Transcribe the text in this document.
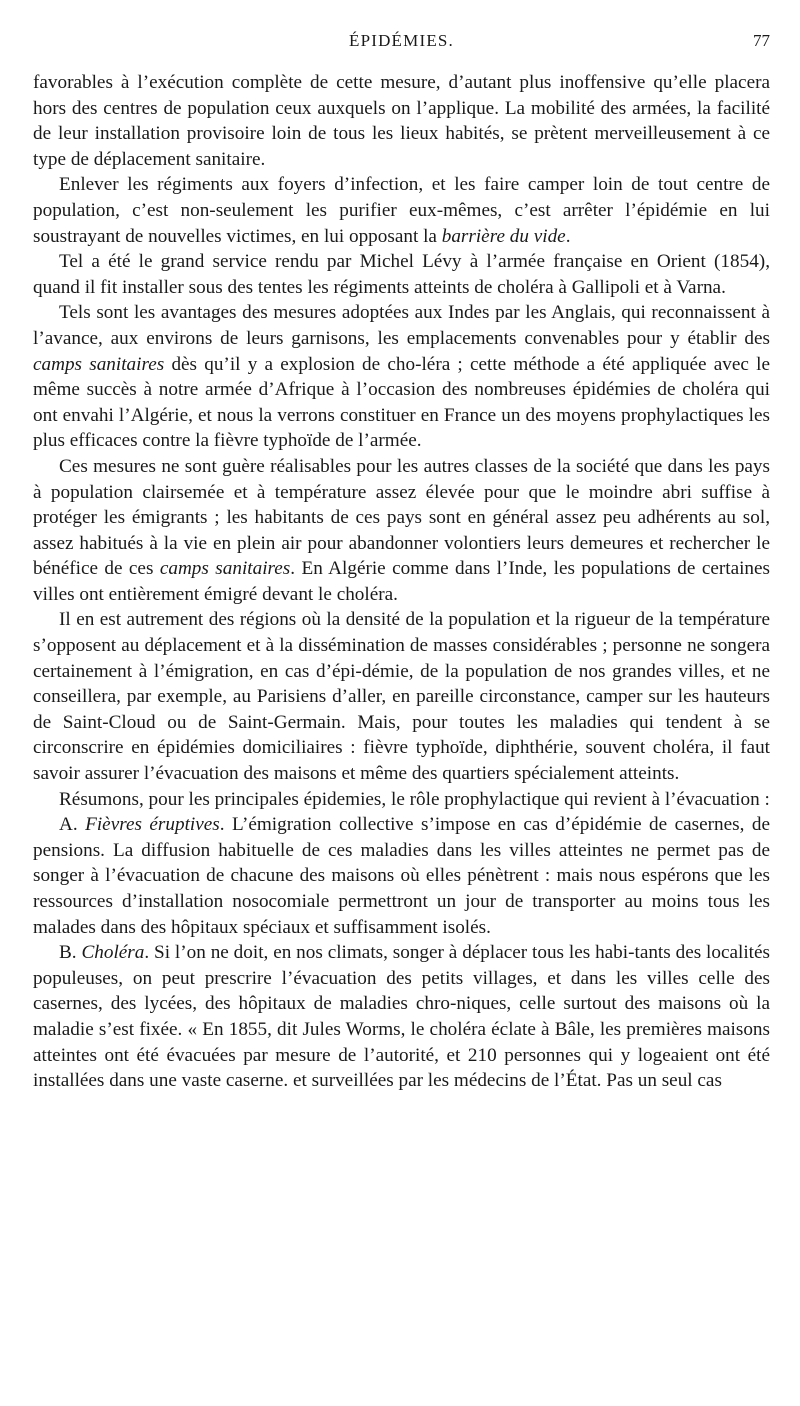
ÉPIDÉMIES.	77

favorables à l’exécution complète de cette mesure, d’autant plus inoffensive qu’elle placera hors des centres de population ceux auxquels on l’applique. La mobilité des armées, la facilité de leur installation provisoire loin de tous les lieux habités, se prètent merveilleusement à ce type de déplacement sanitaire.

Enlever les régiments aux foyers d’infection, et les faire camper loin de tout centre de population, c’est non-seulement les purifier eux-mêmes, c’est arrêter l’épidémie en lui soustrayant de nouvelles victimes, en lui opposant la barrière du vide.

Tel a été le grand service rendu par Michel Lévy à l’armée française en Orient (1854), quand il fit installer sous des tentes les régiments atteints de choléra à Gallipoli et à Varna.

Tels sont les avantages des mesures adoptées aux Indes par les Anglais, qui reconnaissent à l’avance, aux environs de leurs garnisons, les emplacements convenables pour y établir des camps sanitaires dès qu’il y a explosion de cho-léra ; cette méthode a été appliquée avec le même succès à notre armée d’Afrique à l’occasion des nombreuses épidémies de choléra qui ont envahi l’Algérie, et nous la verrons constituer en France un des moyens prophylactiques les plus efficaces contre la fièvre typhoïde de l’armée.

Ces mesures ne sont guère réalisables pour les autres classes de la société que dans les pays à population clairsemée et à température assez élevée pour que le moindre abri suffise à protéger les émigrants ; les habitants de ces pays sont en général assez peu adhérents au sol, assez habitués à la vie en plein air pour abandonner volontiers leurs demeures et rechercher le bénéfice de ces camps sanitaires. En Algérie comme dans l’Inde, les populations de certaines villes ont entièrement émigré devant le choléra.

Il en est autrement des régions où la densité de la population et la rigueur de la température s’opposent au déplacement et à la dissémination de masses considérables ; personne ne songera certainement à l’émigration, en cas d’épi-démie, de la population de nos grandes villes, et ne conseillera, par exemple, au Parisiens d’aller, en pareille circonstance, camper sur les hauteurs de Saint-Cloud ou de Saint-Germain. Mais, pour toutes les maladies qui tendent à se circonscrire en épidémies domiciliaires : fièvre typhoïde, diphthérie, souvent choléra, il faut savoir assurer l’évacuation des maisons et même des quartiers spécialement atteints.

Résumons, pour les principales épidemies, le rôle prophylactique qui revient à l’évacuation :

A. Fièvres éruptives. L’émigration collective s’impose en cas d’épidémie de casernes, de pensions. La diffusion habituelle de ces maladies dans les villes atteintes ne permet pas de songer à l’évacuation de chacune des maisons où elles pénètrent : mais nous espérons que les ressources d’installation nosocomiale permettront un jour de transporter au moins tous les malades dans des hôpitaux spéciaux et suffisamment isolés.

B. Choléra. Si l’on ne doit, en nos climats, songer à déplacer tous les habi-tants des localités populeuses, on peut prescrire l’évacuation des petits villages, et dans les villes celle des casernes, des lycées, des hôpitaux de maladies chro-niques, celle surtout des maisons où la maladie s’est fixée. « En 1855, dit Jules Worms, le choléra éclate à Bâle, les premières maisons atteintes ont été évacuées par mesure de l’autorité, et 210 personnes qui y logeaient ont été installées dans une vaste caserne. et surveillées par les médecins de l’État. Pas un seul cas
